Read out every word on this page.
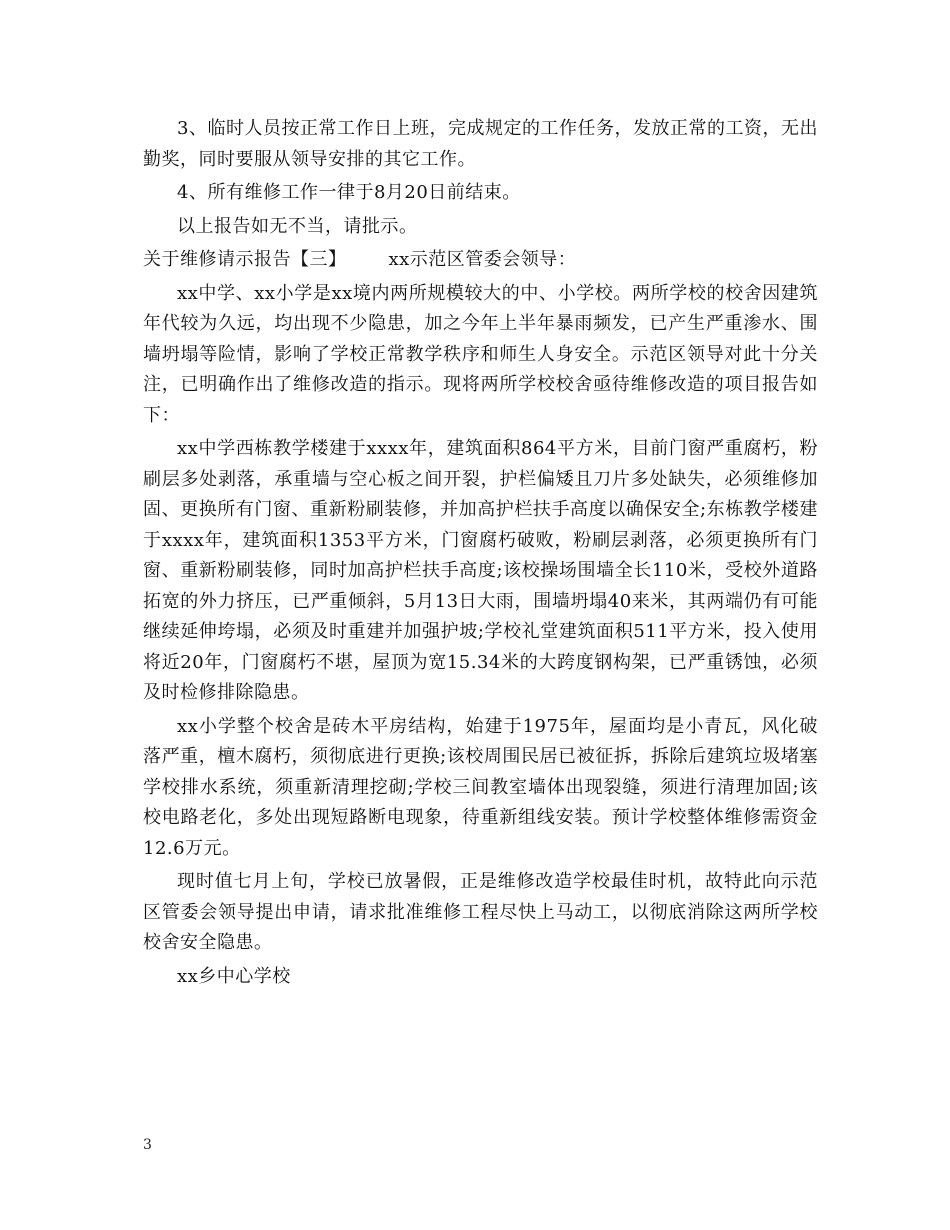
3、临时人员按正常工作日上班，完成规定的工作任务，发放正常的工资，无出勤奖，同时要服从领导安排的其它工作。

4、所有维修工作一律于8月20日前结束。

以上报告如无不当，请批示。

关于维修请示报告【三】 xx示范区管委会领导：

xx中学、xx小学是xx境内两所规模较大的中、小学校。两所学校的校舍因建筑年代较为久远，均出现不少隐患，加之今年上半年暴雨频发，已产生严重渗水、围墙坍塌等险情，影响了学校正常教学秩序和师生人身安全。示范区领导对此十分关注，已明确作出了维修改造的指示。现将两所学校校舍亟待维修改造的项目报告如下：

xx中学西栋教学楼建于xxxx年，建筑面积864平方米，目前门窗严重腐朽，粉刷层多处剥落，承重墙与空心板之间开裂，护栏偏矮且刀片多处缺失，必须维修加固、更换所有门窗、重新粉刷装修，并加高护栏扶手高度以确保安全;东栋教学楼建于xxxx年，建筑面积1353平方米，门窗腐朽破败，粉刷层剥落，必须更换所有门窗、重新粉刷装修，同时加高护栏扶手高度;该校操场围墙全长110米，受校外道路拓宽的外力挤压，已严重倾斜，5月13日大雨，围墙坍塌40来米，其两端仍有可能继续延伸垮塌，必须及时重建并加强护坡;学校礼堂建筑面积511平方米，投入使用将近20年，门窗腐朽不堪，屋顶为宽15.34米的大跨度钢构架，已严重锈蚀，必须及时检修排除隐患。

xx小学整个校舍是砖木平房结构，始建于1975年，屋面均是小青瓦，风化破落严重，檀木腐朽，须彻底进行更换;该校周围民居已被征拆，拆除后建筑垃圾堵塞学校排水系统，须重新清理挖砌;学校三间教室墙体出现裂缝，须进行清理加固;该校电路老化，多处出现短路断电现象，待重新组线安装。预计学校整体维修需资金12.6万元。

现时值七月上旬，学校已放暑假，正是维修改造学校最佳时机，故特此向示范区管委会领导提出申请，请求批准维修工程尽快上马动工，以彻底消除这两所学校校舍安全隐患。

xx乡中心学校

3
